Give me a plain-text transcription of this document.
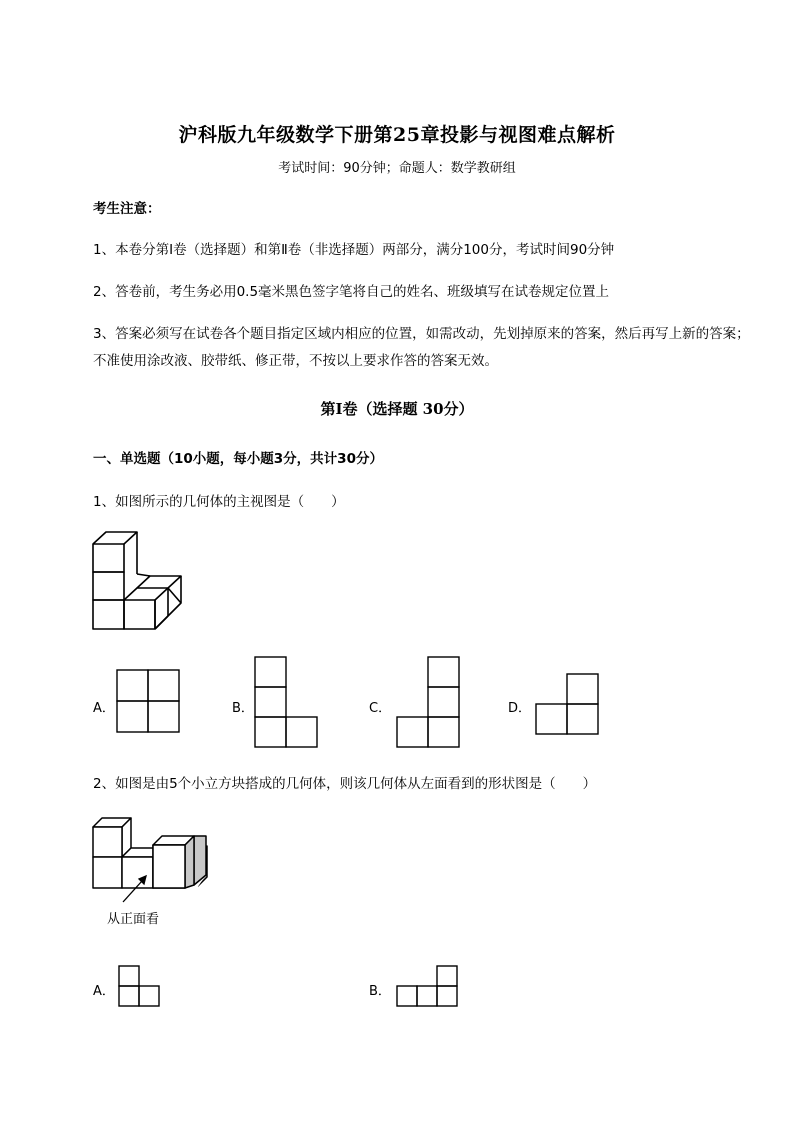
沪科版九年级数学下册第25章投影与视图难点解析
考试时间：90分钟；命题人：数学教研组
考生注意：
1、本卷分第I卷（选择题）和第Ⅱ卷（非选择题）两部分，满分100分，考试时间90分钟
2、答卷前，考生务必用0.5毫米黑色签字笔将自己的姓名、班级填写在试卷规定位置上
3、答案必须写在试卷各个题目指定区域内相应的位置，如需改动，先划掉原来的答案，然后再写上新的答案；不准使用涂改液、胶带纸、修正带，不按以上要求作答的答案无效。
第I卷（选择题 30分）
一、单选题（10小题，每小题3分，共计30分）
1、如图所示的几何体的主视图是（　　）
A．	B．	C．	D．
2、如图是由5个小立方块搭成的几何体，则该几何体从左面看到的形状图是（　　）
从正面看
A．	B．
